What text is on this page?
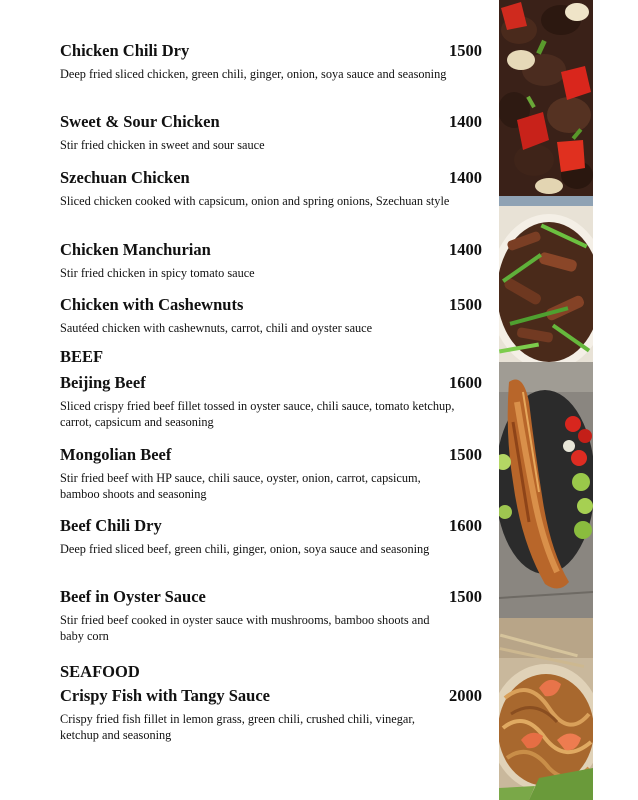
Chicken Chili Dry	1500
Deep fried sliced chicken, green chili, ginger, onion, soya sauce and seasoning
Sweet & Sour Chicken	1400
Stir fried chicken in sweet and sour sauce
Szechuan Chicken	1400
Sliced chicken cooked with capsicum, onion and spring onions, Szechuan style
Chicken Manchurian	1400
Stir fried chicken in spicy tomato sauce
Chicken with Cashewnuts	1500
Sautéed chicken with cashewnuts, carrot, chili and oyster sauce
BEEF
Beijing Beef	1600
Sliced crispy fried beef fillet tossed in oyster sauce, chili sauce, tomato ketchup, carrot, capsicum and seasoning
Mongolian Beef	1500
Stir fried beef with HP sauce, chili sauce, oyster, onion, carrot, capsicum, bamboo shoots and seasoning
Beef Chili Dry	1600
Deep fried sliced beef, green chili, ginger, onion, soya sauce and seasoning
Beef in Oyster Sauce	1500
Stir fried beef cooked in oyster sauce with mushrooms, bamboo shoots and baby corn
SEAFOOD
Crispy Fish with Tangy Sauce	2000
Crispy fried fish fillet in lemon grass, green chili, crushed chili, vinegar, ketchup and seasoning
